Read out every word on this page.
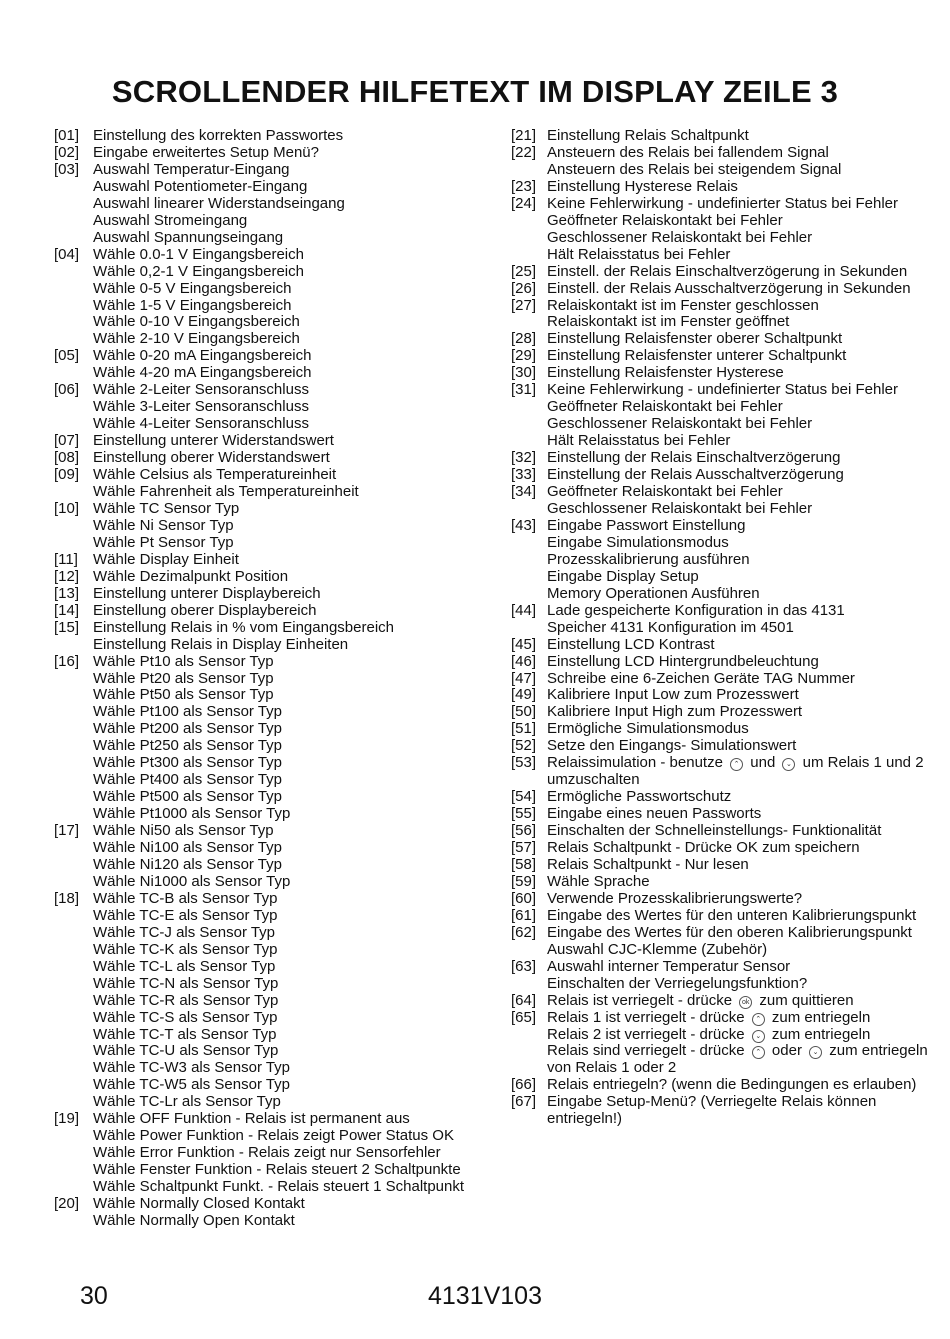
SCROLLENDER HILFETEXT IM DISPLAY ZEILE 3
[01] Einstellung des korrekten Passwortes
[02] Eingabe erweitertes Setup Menü?
[03] Auswahl Temperatur-Eingang
Auswahl Potentiometer-Eingang
Auswahl linearer Widerstandseingang
Auswahl Stromeingang
Auswahl Spannungseingang
[04] Wähle 0.0-1 V Eingangsbereich
Wähle 0,2-1 V Eingangsbereich
Wähle 0-5 V Eingangsbereich
Wähle 1-5 V Eingangsbereich
Wähle 0-10 V Eingangsbereich
Wähle 2-10 V Eingangsbereich
[05] Wähle 0-20 mA Eingangsbereich
Wähle 4-20 mA Eingangsbereich
[06] Wähle 2-Leiter Sensoranschluss
Wähle 3-Leiter Sensoranschluss
Wähle 4-Leiter Sensoranschluss
[07] Einstellung unterer Widerstandswert
[08] Einstellung oberer Widerstandswert
[09] Wähle Celsius als Temperatureinheit
Wähle Fahrenheit als Temperatureinheit
[10] Wähle TC Sensor Typ
Wähle Ni Sensor Typ
Wähle Pt Sensor Typ
[11]	Wähle Display Einheit
[12] Wähle Dezimalpunkt Position
[13] Einstellung unterer Displaybereich
[14] Einstellung oberer Displaybereich
[15] Einstellung Relais in % vom Eingangsbereich
Einstellung Relais in Display Einheiten
[16] Wähle Pt10 als Sensor Typ
Wähle Pt20 als Sensor Typ
Wähle Pt50 als Sensor Typ
Wähle Pt100 als Sensor Typ
Wähle Pt200 als Sensor Typ
Wähle Pt250 als Sensor Typ
Wähle Pt300 als Sensor Typ
Wähle Pt400 als Sensor Typ
Wähle Pt500 als Sensor Typ
Wähle Pt1000 als Sensor Typ
[17] Wähle Ni50 als Sensor Typ
Wähle Ni100 als Sensor Typ
Wähle Ni120 als Sensor Typ
Wähle Ni1000 als Sensor Typ
[18] Wähle TC-B als Sensor Typ
Wähle TC-E als Sensor Typ
Wähle TC-J als Sensor Typ
Wähle TC-K als Sensor Typ
Wähle TC-L als Sensor Typ
Wähle TC-N als Sensor Typ
Wähle TC-R als Sensor Typ
Wähle TC-S als Sensor Typ
Wähle TC-T als Sensor Typ
Wähle TC-U als Sensor Typ
Wähle TC-W3 als Sensor Typ
Wähle TC-W5 als Sensor Typ
Wähle TC-Lr als Sensor Typ
[19] Wähle OFF Funktion - Relais ist permanent aus
Wähle Power Funktion - Relais zeigt Power Status OK
Wähle Error Funktion - Relais zeigt nur Sensorfehler
Wähle Fenster Funktion - Relais steuert 2 Schaltpunkte
Wähle Schaltpunkt Funkt. - Relais steuert 1 Schaltpunkt
[20] Wähle Normally Closed Kontakt
Wähle Normally Open Kontakt
[21] Einstellung Relais Schaltpunkt
[22] Ansteuern des Relais bei fallendem Signal
Ansteuern des Relais bei steigendem Signal
[23] Einstellung Hysterese Relais
[24] Keine Fehlerwirkung - undefinierter Status bei Fehler
Geöffneter Relaiskontakt bei Fehler
Geschlossener Relaiskontakt bei Fehler
Hält Relaisstatus bei Fehler
[25] Einstell. der Relais Einschaltverzögerung in Sekunden
[26] Einstell. der Relais Ausschaltverzögerung in Sekunden
[27] Relaiskontakt ist im Fenster geschlossen
Relaiskontakt ist im Fenster geöffnet
[28] Einstellung Relaisfenster oberer Schaltpunkt
[29] Einstellung Relaisfenster unterer Schaltpunkt
[30] Einstellung Relaisfenster Hysterese
[31] Keine Fehlerwirkung - undefinierter Status bei Fehler
Geöffneter Relaiskontakt bei Fehler
Geschlossener Relaiskontakt bei Fehler
Hält Relaisstatus bei Fehler
[32] Einstellung der Relais Einschaltverzögerung
[33] Einstellung der Relais Ausschaltverzögerung
[34] Geöffneter Relaiskontakt bei Fehler
Geschlossener Relaiskontakt bei Fehler
[43] Eingabe Passwort Einstellung
Eingabe Simulationsmodus
Prozesskalibrierung ausführen
Eingabe Display Setup
Memory Operationen Ausführen
[44] Lade gespeicherte Konfiguration in das 4131
Speicher 4131 Konfiguration im 4501
[45] Einstellung LCD Kontrast
[46] Einstellung LCD Hintergrundbeleuchtung
[47] Schreibe eine 6-Zeichen Geräte TAG Nummer
[49] Kalibriere Input Low zum Prozesswert
[50] Kalibriere Input High zum Prozesswert
[51] Ermögliche Simulationsmodus
[52] Setze den Eingangs- Simulationswert
[53] Relaissimulation - benutze ⌃ und ⌄ um Relais 1 und 2
umzuschalten
[54] Ermögliche Passwortschutz
[55] Eingabe eines neuen Passworts
[56] Einschalten der Schnelleinstellungs- Funktionalität
[57] Relais Schaltpunkt - Drücke OK zum speichern
[58] Relais Schaltpunkt - Nur lesen
[59] Wähle Sprache
[60] Verwende Prozesskalibrierungswerte?
[61] Eingabe des Wertes für den unteren Kalibrierungspunkt
[62] Eingabe des Wertes für den oberen Kalibrierungspunkt
Auswahl CJC-Klemme (Zubehör)
[63] Auswahl interner Temperatur Sensor
Einschalten der Verriegelungsfunktion?
[64] Relais ist verriegelt - drücke ok zum quittieren
[65] Relais 1 ist verriegelt - drücke ⌃ zum entriegeln
Relais 2 ist verriegelt - drücke ⌄ zum entriegeln
Relais sind verriegelt - drücke ⌃ oder ⌄ zum entriegeln
von Relais 1 oder 2
[66] Relais entriegeln? (wenn die Bedingungen es erlauben)
[67] Eingabe Setup-Menü? (Verriegelte Relais können
entriegeln!)
30	4131V103
